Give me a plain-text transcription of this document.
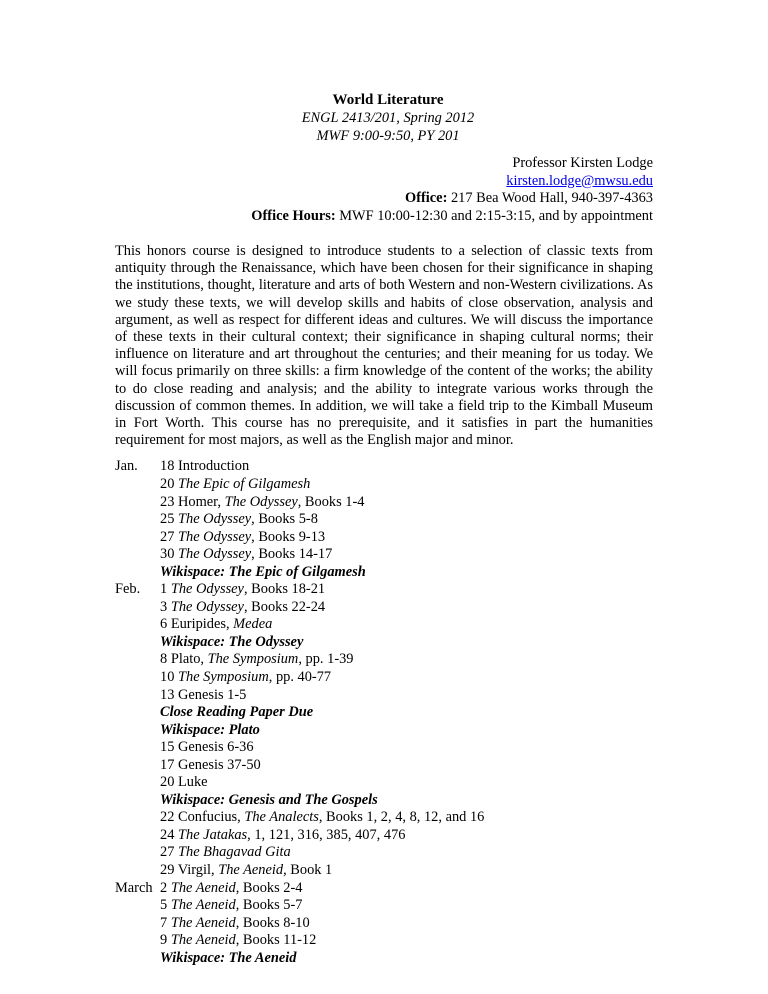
World Literature
ENGL 2413/201, Spring 2012
MWF 9:00-9:50, PY 201
Professor Kirsten Lodge
kirsten.lodge@mwsu.edu
Office: 217 Bea Wood Hall, 940-397-4363
Office Hours: MWF 10:00-12:30 and 2:15-3:15, and by appointment
This honors course is designed to introduce students to a selection of classic texts from antiquity through the Renaissance, which have been chosen for their significance in shaping the institutions, thought, literature and arts of both Western and non-Western civilizations. As we study these texts, we will develop skills and habits of close observation, analysis and argument, as well as respect for different ideas and cultures. We will discuss the importance of these texts in their cultural context; their significance in shaping cultural norms; their influence on literature and art throughout the centuries; and their meaning for us today. We will focus primarily on three skills: a firm knowledge of the content of the works; the ability to do close reading and analysis; and the ability to integrate various works through the discussion of common themes. In addition, we will take a field trip to the Kimball Museum in Fort Worth. This course has no prerequisite, and it satisfies in part the humanities requirement for most majors, as well as the English major and minor.
Jan.	18 Introduction
20 The Epic of Gilgamesh
23 Homer, The Odyssey, Books 1-4
25 The Odyssey, Books 5-8
27 The Odyssey, Books 9-13
30 The Odyssey, Books 14-17
Wikispace: The Epic of Gilgamesh
Feb.	1 The Odyssey, Books 18-21
3 The Odyssey, Books 22-24
6 Euripides, Medea
Wikispace: The Odyssey
8 Plato, The Symposium, pp. 1-39
10 The Symposium, pp. 40-77
13 Genesis 1-5
Close Reading Paper Due
Wikispace: Plato
15 Genesis 6-36
17 Genesis 37-50
20 Luke
Wikispace: Genesis and The Gospels
22 Confucius, The Analects, Books 1, 2, 4, 8, 12, and 16
24 The Jatakas, 1, 121, 316, 385, 407, 476
27 The Bhagavad Gita
29 Virgil, The Aeneid, Book 1
March 2 The Aeneid, Books 2-4
5 The Aeneid, Books 5-7
7 The Aeneid, Books 8-10
9 The Aeneid, Books 11-12
Wikispace: The Aeneid
